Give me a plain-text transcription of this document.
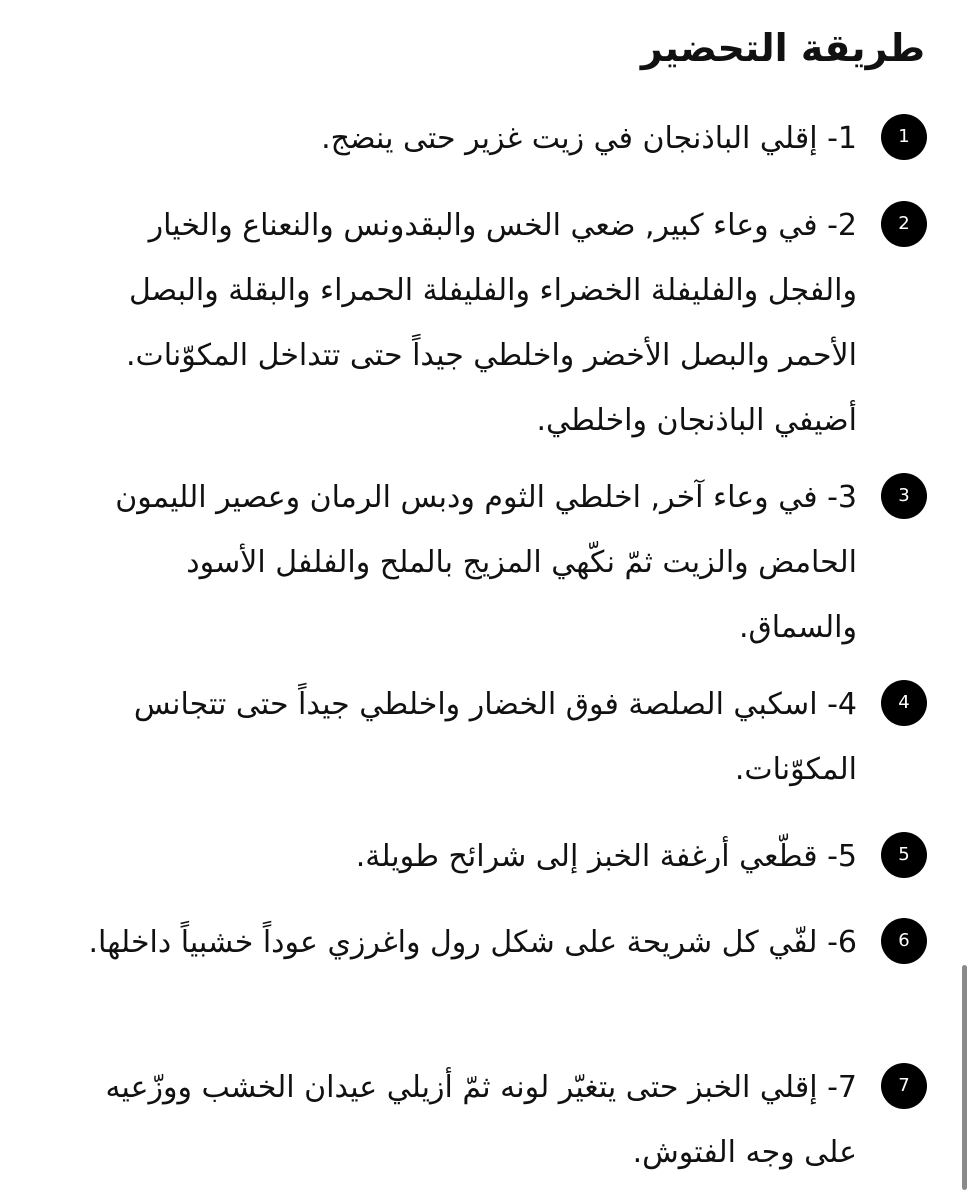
طريقة التحضير
1

1- إقلي الباذنجان في زيت غزير حتى ينضج.

2

2- في وعاء كبير, ضعي الخس والبقدونس والنعناع والخيار والفجل والفليفلة الخضراء والفليفلة الحمراء والبقلة والبصل الأحمر والبصل الأخضر واخلطي جيداً حتى تتداخل المكوّنات. أضيفي الباذنجان واخلطي.

3

3- في وعاء آخر, اخلطي الثوم ودبس الرمان وعصير الليمون الحامض والزيت ثمّ نكّهي المزيج بالملح والفلفل الأسود والسماق.

4

4- اسكبي الصلصة فوق الخضار واخلطي جيداً حتى تتجانس المكوّنات.

5

5- قطّعي أرغفة الخبز إلى شرائح طويلة.

6

6- لفّي كل شريحة على شكل رول واغرزي عوداً خشبياً داخلها.

7

7- إقلي الخبز حتى يتغيّر لونه ثمّ أزيلي عيدان الخشب ووزّعيه على وجه الفتوش.
